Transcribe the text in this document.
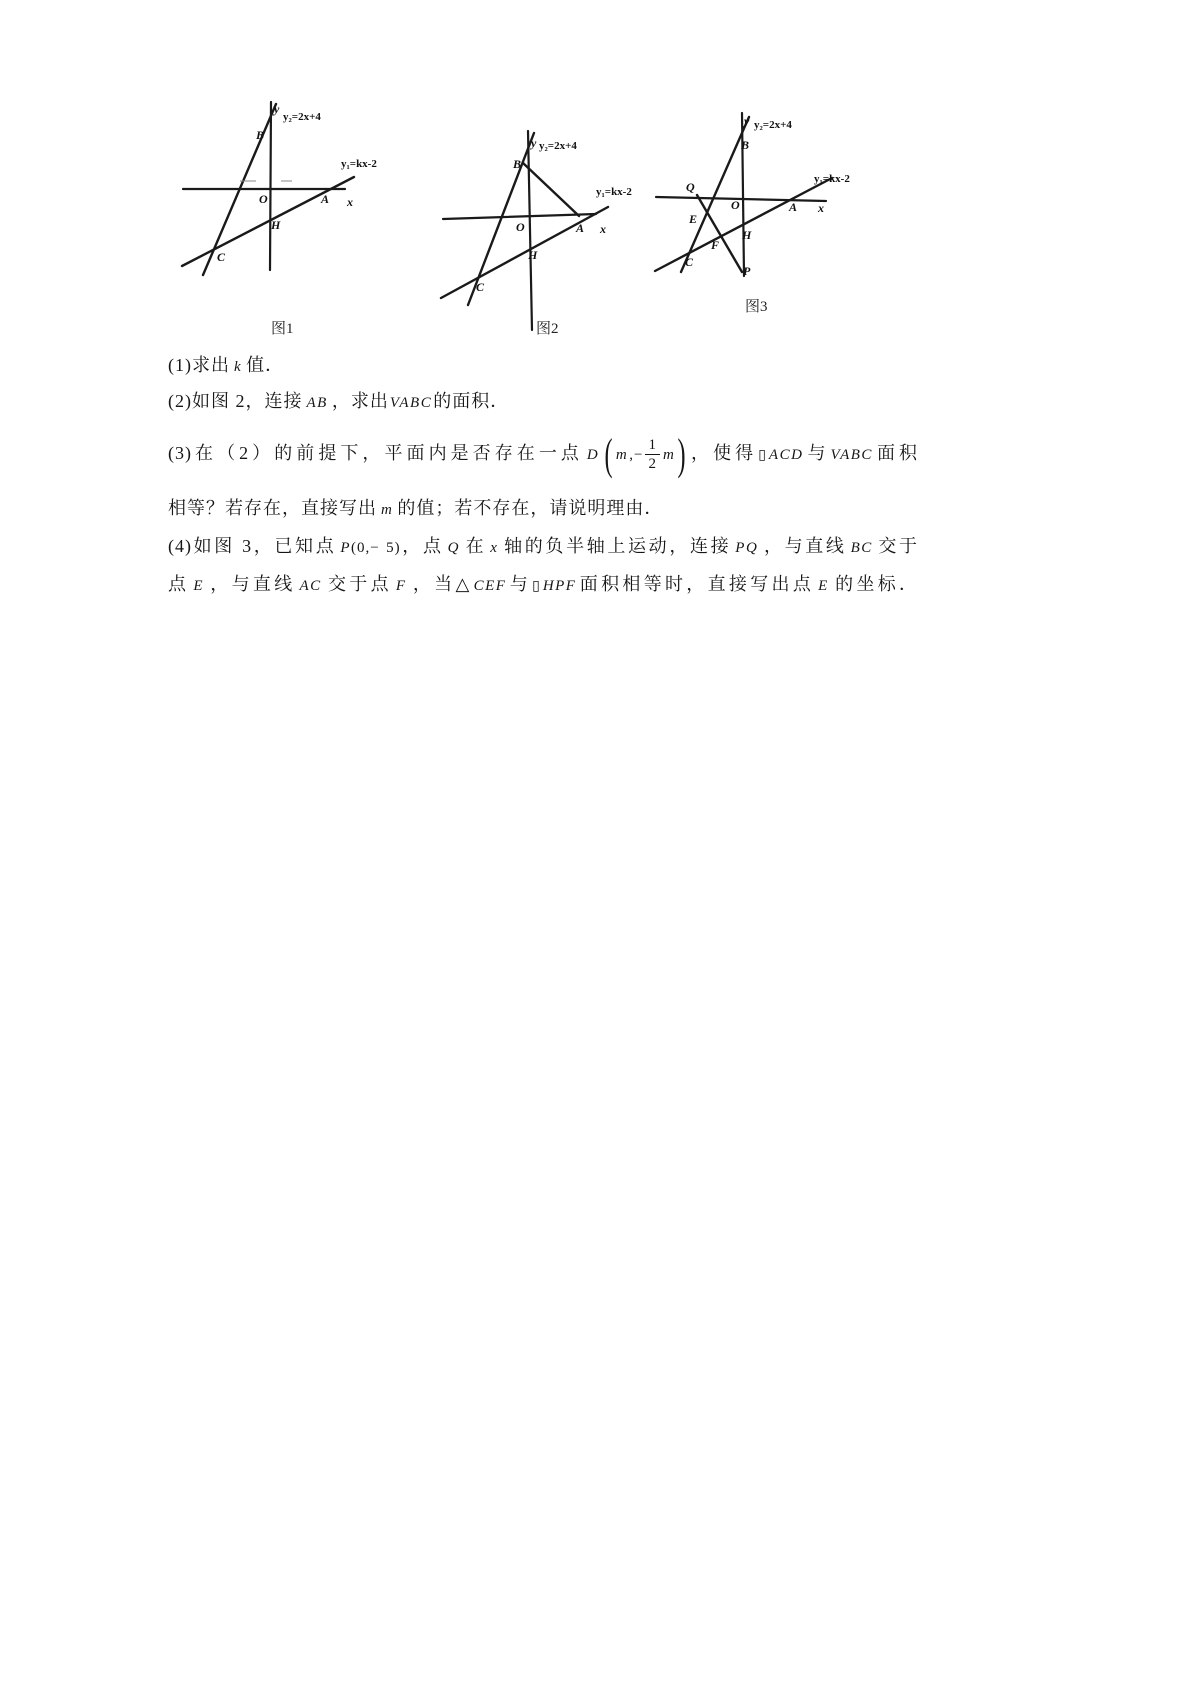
y
y₂=2x+4
B
y₁=kx-2
O	A x
H
C
图1
y y₂=2x+4
B
y₁=kx-2
O	A x
H
C
图2
y y₂=2x+4
B
Q
y₁=kx-2
O	A x
E
H
F
C
P
图3
(1)求出 k 值．
(2)如图 2，连接 AB ，求出VABC的面积．
(3)在（2）的前提下，平面内是否存在一点 D ( $m,- \frac{1}{2} m$)，使得▯ ACD与VABC面积
相等？若存在，直接写出 m 的值；若不存在，请说明理由．
(4)如图 3，已知点 P(0,− 5)，点 Q 在 x 轴的负半轴上运动，连接 PQ ，与直线 BC 交于
点 E ，与直线 AC 交于点 F ，当△CEF与▯ HPF面积相等时，直接写出点 E 的坐标．
